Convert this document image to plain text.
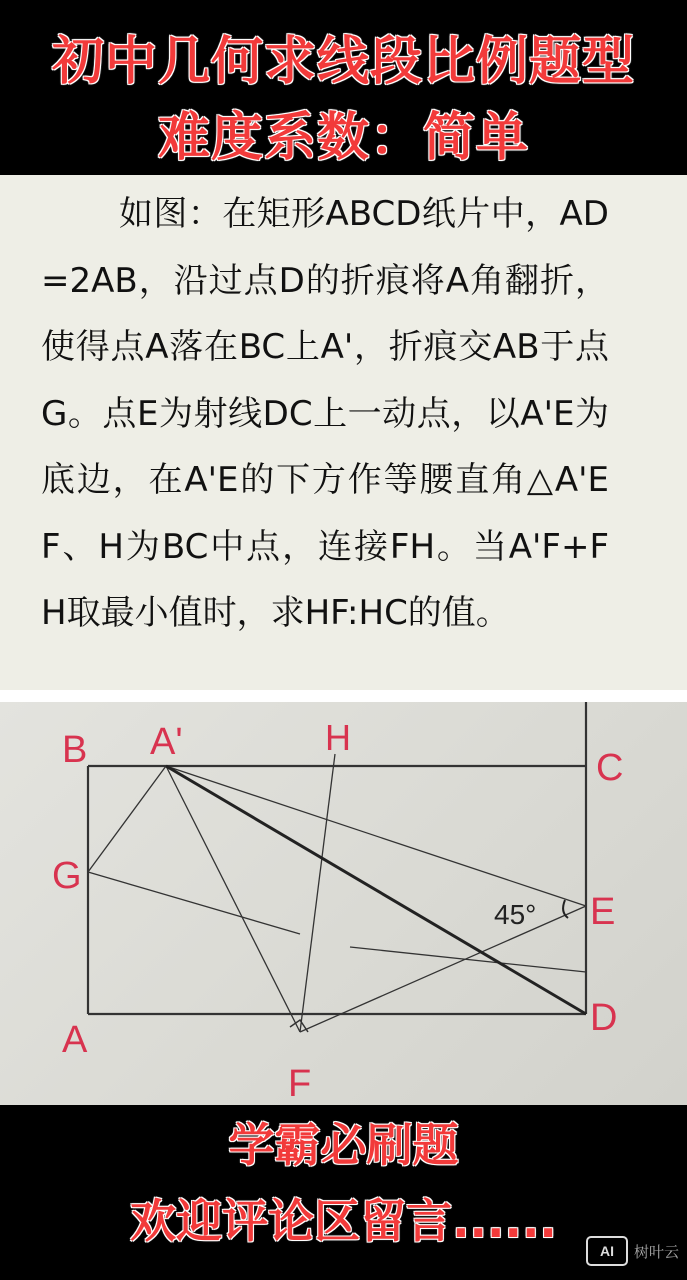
初中几何求线段比例题型
难度系数：简单
如图：在矩形ABCD纸片中，AD=2AB，沿过点D的折痕将A角翻折，使得点A落在BC上A'，折痕交AB于点G。点E为射线DC上一动点，以A'E为底边，在A'E的下方作等腰直角△A'EF、H为BC中点，连接FH。当A'F+FH取最小值时，求HF:HC的值。
B A'	H
C
G
E
A
D
F
45°
学霸必刷题
欢迎评论区留言......
AI	树叶云
